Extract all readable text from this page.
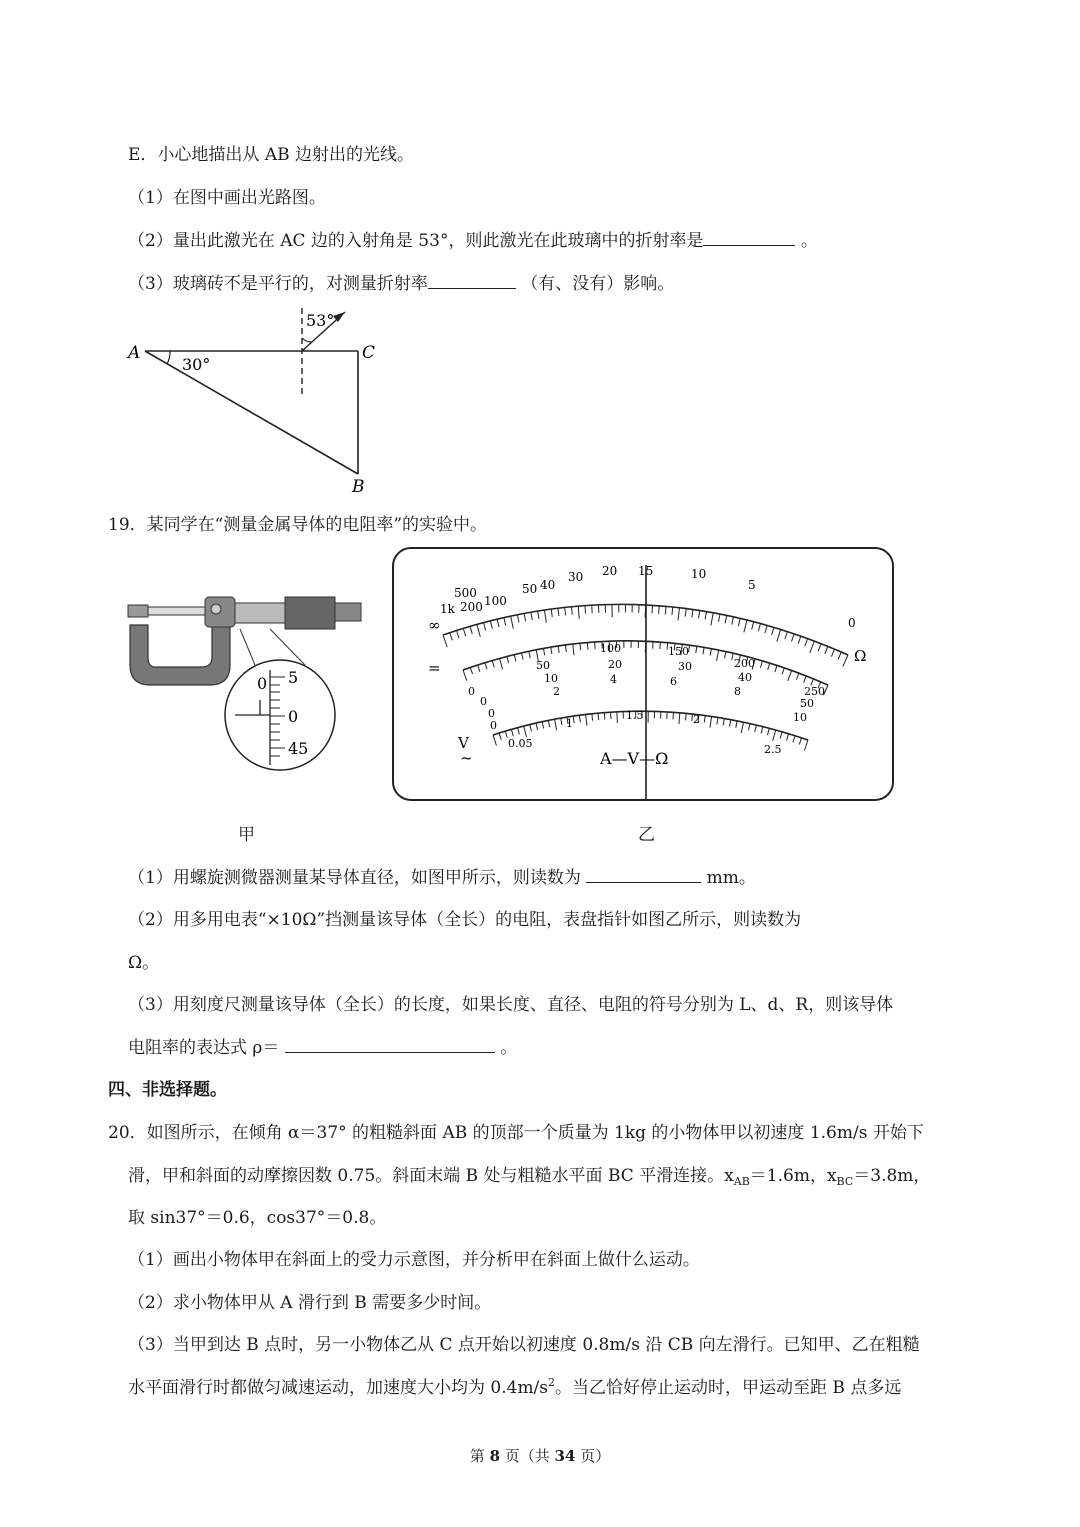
E．小心地描出从 AB 边射出的光线。
（1）在图中画出光路图。
（2）量出此激光在 AC 边的入射角是 53°，则此激光在此玻璃中的折射率是	。
（3）玻璃砖不是平行的，对测量折射率	（有、没有）影响。
A	C
B
30°
53°
19．某同学在“测量金属导体的电阻率”的实验中。
0 5
0
45
∞
1k
500
200 100
50 40
30 20 15	10
5
0
Ω
0
50
100	150
200
250
0
10
20	30
40
50
0
2
4	6
8
10
0
0.05
1
1.5	2
2.5
=
V
~	A—V—Ω
甲	乙
（1）用螺旋测微器测量某导体直径，如图甲所示，则读数为	mm。
（2）用多用电表“×10Ω”挡测量该导体（全长）的电阻，表盘指针如图乙所示，则读数为
Ω。
（3）用刻度尺测量该导体（全长）的长度，如果长度、直径、电阻的符号分别为 L、d、R，则该导体
电阻率的表达式 ρ＝	。
四、非选择题。
20．如图所示，在倾角 α＝37° 的粗糙斜面 AB 的顶部一个质量为 1kg 的小物体甲以初速度 1.6m/s 开始下
滑，甲和斜面的动摩擦因数 0.75。斜面末端 B 处与粗糙水平面 BC 平滑连接。$x_{AB}=1.6m$，$x_{BC}=3.8m$，
取 sin37°＝0.6，cos37°＝0.8。
（1）画出小物体甲在斜面上的受力示意图，并分析甲在斜面上做什么运动。
（2）求小物体甲从 A 滑行到 B 需要多少时间。
（3）当甲到达 B 点时，另一小物体乙从 C 点开始以初速度 0.8m/s 沿 CB 向左滑行。已知甲、乙在粗糙
水平面滑行时都做匀减速运动，加速度大小均为 $0.4m/s^2$。当乙恰好停止运动时，甲运动至距 B 点多远
第 8 页（共 34 页）
